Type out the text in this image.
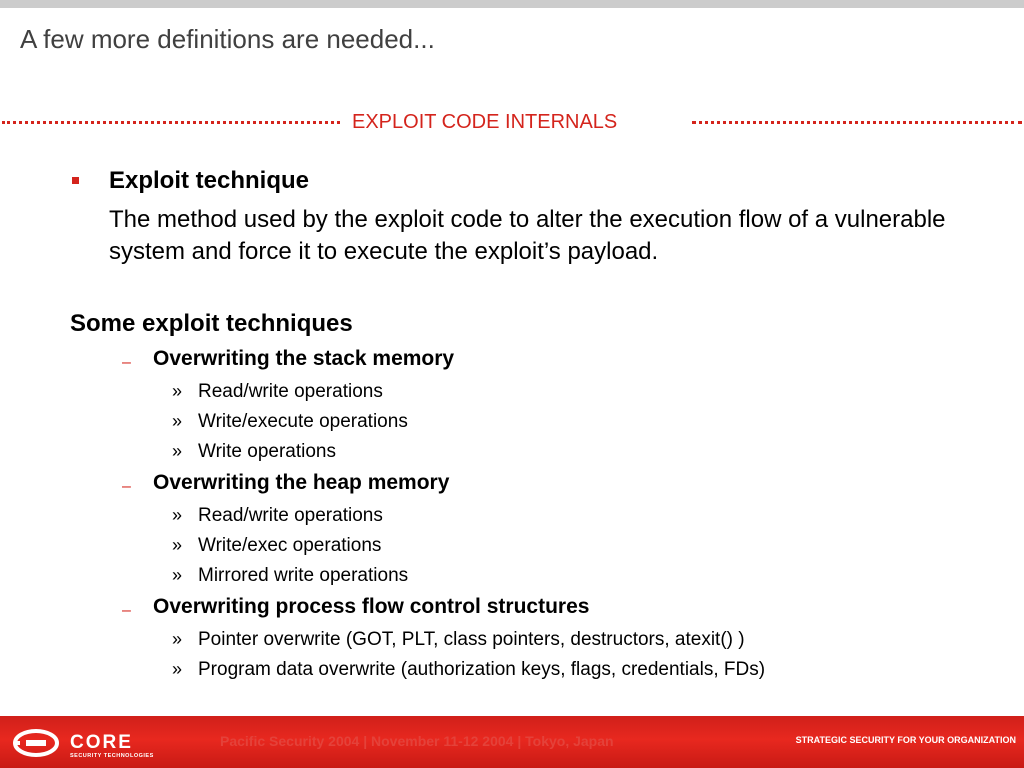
A few more definitions are needed...
EXPLOIT CODE INTERNALS
Exploit technique
The method used by the exploit code to alter the execution flow of a vulnerable system and force it to execute the exploit’s payload.
Some exploit techniques
– Overwriting the stack memory
» Read/write operations
» Write/execute operations
» Write operations
– Overwriting the heap memory
» Read/write operations
» Write/exec operations
» Mirrored write operations
– Overwriting process flow control structures
» Pointer overwrite (GOT, PLT, class pointers, destructors, atexit() )
» Program data overwrite (authorization keys, flags, credentials, FDs)
CORE
SECURITY TECHNOLOGIES
Pacific Security 2004 | November 11-12 2004 | Tokyo, Japan	STRATEGIC SECURITY FOR YOUR ORGANIZATION
